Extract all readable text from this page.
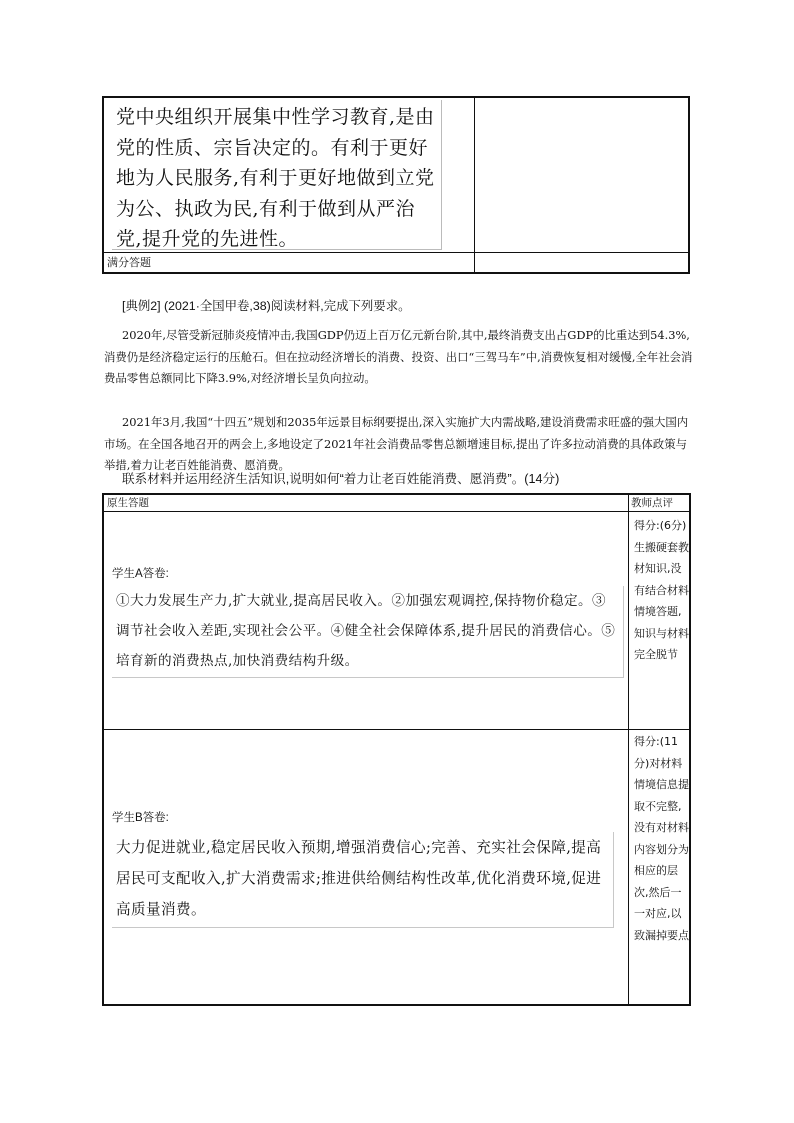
党中央组织开展集中性学习教育,是由党的性质、宗旨决定的。有利于更好地为人民服务,有利于更好地做到立党为公、执政为民,有利于做到从严治党,提升党的先进性。
满分答题
[典例2] (2021·全国甲卷,38)阅读材料,完成下列要求。
2020年,尽管受新冠肺炎疫情冲击,我国GDP仍迈上百万亿元新台阶,其中,最终消费支出占GDP的比重达到54.3%,消费仍是经济稳定运行的压舱石。但在拉动经济增长的消费、投资、出口“三驾马车”中,消费恢复相对缓慢,全年社会消费品零售总额同比下降3.9%,对经济增长呈负向拉动。
2021年3月,我国“十四五”规划和2035年远景目标纲要提出,深入实施扩大内需战略,建设消费需求旺盛的强大国内市场。在全国各地召开的两会上,多地设定了2021年社会消费品零售总额增速目标,提出了许多拉动消费的具体政策与举措,着力让老百姓能消费、愿消费。
联系材料并运用经济生活知识,说明如何“着力让老百姓能消费、愿消费”。(14分)
原生答题	教师点评
学生A答卷:
①大力发展生产力,扩大就业,提高居民收入。②加强宏观调控,保持物价稳定。③调节社会收入差距,实现社会公平。④健全社会保障体系,提升居民的消费信心。⑤培育新的消费热点,加快消费结构升级。
得分:(6分)生搬硬套教材知识,没有结合材料情境答题,知识与材料完全脱节
学生B答卷:
大力促进就业,稳定居民收入预期,增强消费信心;完善、充实社会保障,提高居民可支配收入,扩大消费需求;推进供给侧结构性改革,优化消费环境,促进高质量消费。
得分:(11分)对材料情境信息提取不完整,没有对材料内容划分为相应的层次,然后一一对应,以致漏掉要点
